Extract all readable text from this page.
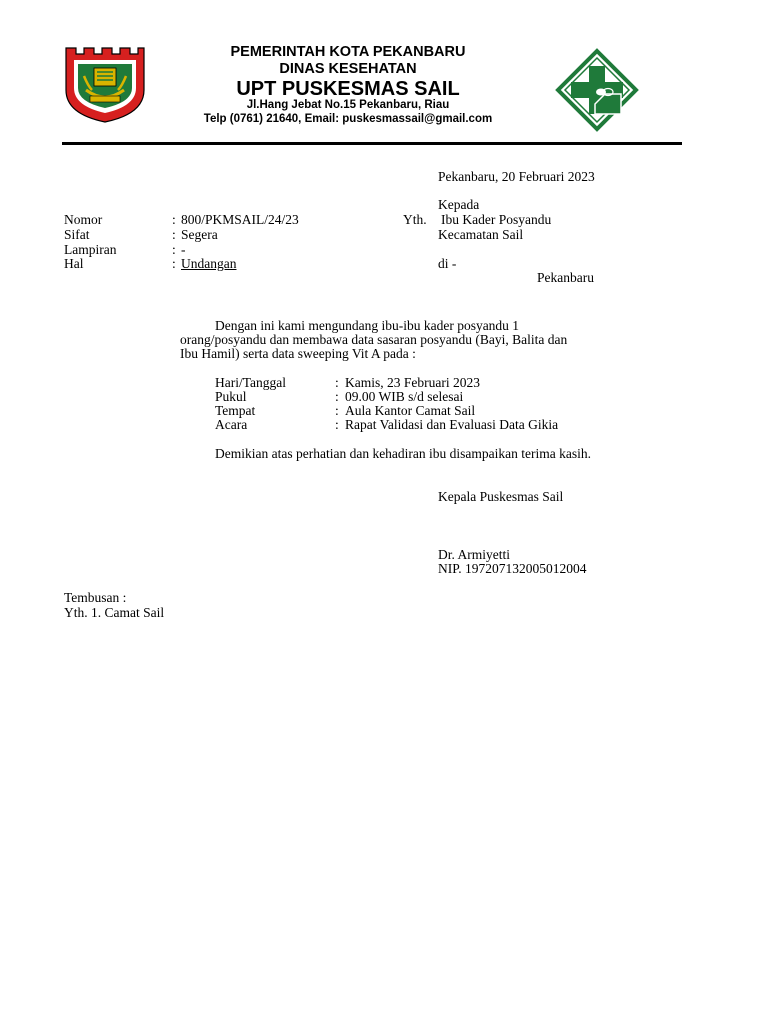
PEMERINTAH KOTA PEKANBARU
DINAS KESEHATAN
UPT PUSKESMAS SAIL
Jl.Hang Jebat No.15 Pekanbaru, Riau
Telp (0761) 21640, Email: puskesmassail@gmail.com
Pekanbaru, 20 Februari 2023
Kepada
Yth. Ibu Kader Posyandu
Kecamatan Sail
di -
Pekanbaru
Nomor	: 800/PKMSAIL/24/23
Sifat	: Segera
Lampiran	: -
Hal	: Undangan
Dengan ini kami mengundang ibu-ibu kader posyandu 1
orang/posyandu dan membawa data sasaran posyandu (Bayi, Balita dan
Ibu Hamil) serta data sweeping Vit A pada :
Hari/Tanggal	: Kamis, 23 Februari 2023
Pukul	: 09.00 WIB s/d selesai
Tempat	: Aula Kantor Camat Sail
Acara	: Rapat Validasi dan Evaluasi Data Gikia
Demikian atas perhatian dan kehadiran ibu disampaikan terima kasih.
Kepala Puskesmas Sail
Dr. Armiyetti
NIP. 197207132005012004
Tembusan :
Yth. 1. Camat Sail
